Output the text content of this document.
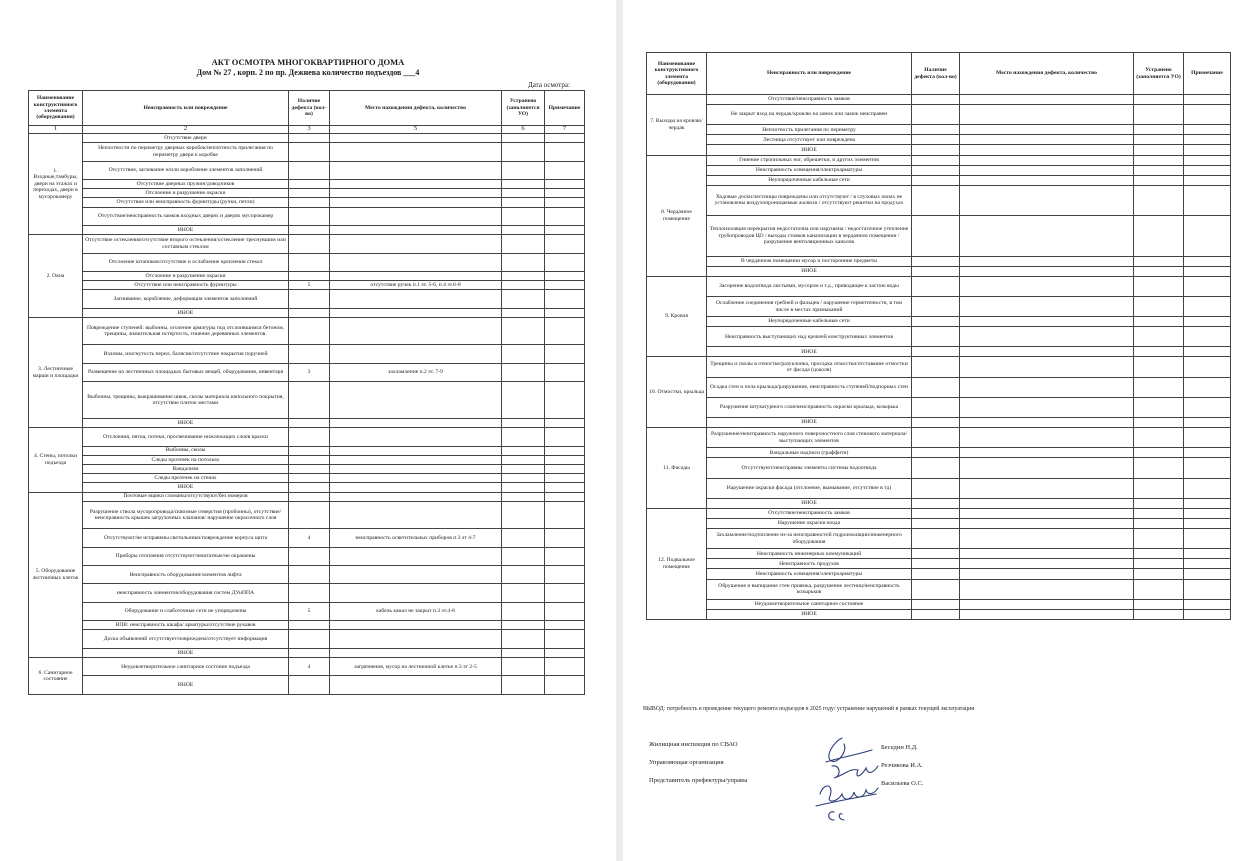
АКТ ОСМОТРА МНОГОКВАРТИРНОГО ДОМА
Дом № 27 , корп. 2 по пр. Дежнева количество подъездов ___4
Дата осмотра:
Наименование конструктивного элемента (оборудования)	Неисправность или повреждение	Наличие дефекта (кол-во)	Место нахождения дефекта, количество	Устранено (заполняется УО)	Примечание
1	2	3	5	6	7
1. Входные,тамбуры, двери на этажах и переходах, двери в мусорокамеру	Отсутствие двери				
	Неплотности по периметру дверных коробок/неплотность прилегания по периметру двери к коробке				
	Отсутствие, заглевание и/или коробление элементов заполнений				
	Отсутствие дверных пружин/доводчиков				
	Отслоение и разрушение окраски				
	Отсутствие или неисправность фурнитуры (ручки, петли)				
	Отсутствие/неисправность замков входных дверях и дверях мусорокамер				
	ИНОЕ				
2. Окна	Отсутствие остекления/отсутствие второго остекления/остекление треснувшим или составным стеклом				
	Отслоение штапиков/отсутствие и ослабление крепления стекол				
	Отслоение и разрушение окраски				
	Отсутствие или неисправность фурнитуры	5	отсутствие ручек п.1 эт. 5-6, п.4 эт.6-8		
	Загнивание, коробление, деформация элементов заполнений				
	ИНОЕ				
3. Лестничные марши и площадки	Повреждение ступеней: выбоины, оголение арматуры под отслоившимся бетоном, трещины, значительная истертость, гниение деревянных элементов.				
	Изломы, изогнутость перил, балясин/отсутствие покрытия поручней				
	Размещение на лестничных площадках бытовых вещей, оборудования, инвентаря	3	захламление п.2 эт. 7-9		
	Выбоины, трещины, выкрашивание швов, сколы материала напольного покрытия, отсутствие плиток местами				
	ИНОЕ				
4. Стены, потолки подъезда	Отслоения, пятна, потеки, просвечивание нижлежащих слоев краски				
	Выбоины, сколы				
	Следы протечек на потолках				
	Вандализм				
	Следы протечек на стенах				
	ИНОЕ				
5. Оборудование лестничных клеток	Почтовые ящики сломаны/отсутствуют/без номеров				
	Разрушение ствола мусоропровода/сквозные отверстия (пробоины), отсутствие/неисправность крышек загрузочных клапанов/ нарушение окрасочного слоя				
	Отсутствуют/не исправены светильники/повреждение корпуса щита	4	неисправность осветительных приборов п.3 эт 4-7		
	Приборы отопления отсутствуют/нештатные/не окрашены				
	Неисправность оборудования/элементов лифта				
	неисправность элементов/оборудования систем ДУиППА				
	Оборудование и слаботочные сети не упорядочены	5	кабель канал не закрыт п.3 эт.4-8		
	ВПВ: неисправность шкафа/ арматуры/отсутствие рукавов				
	Доска объявлений отсутствует/повреждена/отсутствует информация				
	ИНОЕ				
6. Санитарное состояние	Неудовлетворительное санитарное состоние подъезда	4	загрязнения, мусор на лестничной клетке п.3 эт 2-5		
	ИНОЕ				
Наименование конструктивного элемента (оборудования)	Неисправность или повреждение	Наличие дефекта (кол-во)	Место нахождения дефекта, количество	Устранено (заполняется УО)	Примечание
7. Выходы на кровлю/чердак	Отсутствие/неисправность замков				
	Не закрыт вход на чердак/кровлю на замок или замок неисправен				
	Неплотность прилегания по периметру				
	Лестница отсутствует или повреждена				
	ИНОЕ				
8. Чердачное помещение	Гниение стропильных ног, обрешетки, и других элементов				
	Неисправность освещения/электроарматуры				
	Неупорядоченные кабельные сети				
	Ходовые доски/лестницы повреждены или отсутствуют / в слуховых окнах не установлены воздухопроницаемые жалюзи / отсутствуют решетки на продухах				
	Теплоизоляция перекрытия недостаточна или нарушена / недостаточное утепление трубопроводов ЦО / выходы стояков канализации в чердачном помещении / разрушение вентиляционных каналов				
	В чердачном помещении мусор и посторонние предметы				
	ИНОЕ				
9. Кровля	Засорение водоотвода листьями, мусором и т.д., приводящее к застою воды				
	Ослабление соединения гребней и фальцев / нарушение герметичности, в том числе в местах примыканий				
	Неупорядоченные кабельные сети				
	Неисправность выступающих над кровлей конструктивных элементов				
	ИНОЕ				
10. Отмостки, крыльца	Трещины и сколы в отмостке/разуклонка, просадка отмостки/отставание отмостки от фасада (цоколя)				
	Осадка стен и пола крыльца/разрушение, неисправность ступеней/подпорных стен				
	Разрушение штукатурного слоя/неисправность окраски крыльца, козырька				
	ИНОЕ				
11. Фасады	Разрушение/неисправность наружного поверхностного слоя стенового материала/выступающих элементов				
	Вандальные надписи (граффити)				
	Отсутствуют/неисправны элементы системы водоотвода				
	Нарушение окраски фасада (отслоение, вымывание, отсутствие в тд)				
	ИНОЕ				
12. Подвальное помещение	Отсутствие/неисправность замков				
	Нарушение окраски входа				
	Захламление/подтопление из-за неисправностей гидроизоляции/инженерного оборудования				
	Неисправность инженерных коммуникаций				
	Неисправность продухов				
	Неисправность освещения/электроарматуры				
	Обрушение и выпирание стен приямка, разрушение лестниц/неисправность козырьков				
	Неудовлетворительное санитарное состояние				
	ИНОЕ				
ВЫВОД: потребность в проведение текущего ремонта подъездов в 2025 году/ устранение нарушений в рамках текущей эксплуатации
Жилищная инспекция по СВАО	Беседин Н.Д.
Управляющая организация	Резчикова И.А.
Представитель префектуры/управы	Васильева О.С.
